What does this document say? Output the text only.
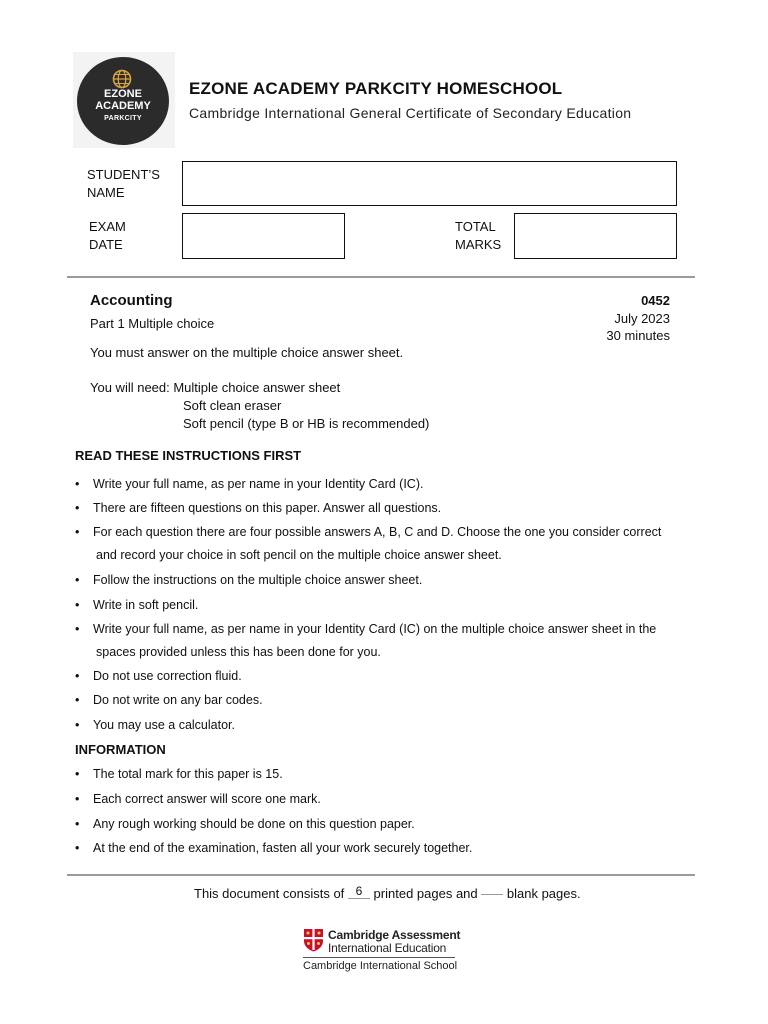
EZONE
ACADEMY
PARKCITY
EZONE ACADEMY PARKCITY HOMESCHOOL
Cambridge International General Certificate of Secondary Education
STUDENT’S
NAME
EXAM
DATE
TOTAL
MARKS
Accounting
Part 1 Multiple choice
0452
July 2023
30 minutes
You must answer on the multiple choice answer sheet.
You will need: Multiple choice answer sheet
Soft clean eraser
Soft pencil (type B or HB is recommended)
READ THESE INSTRUCTIONS FIRST
• Write your full name, as per name in your Identity Card (IC).
• There are fifteen questions on this paper. Answer all questions.
• For each question there are four possible answers A, B, C and D. Choose the one you consider correct
and record your choice in soft pencil on the multiple choice answer sheet.
• Follow the instructions on the multiple choice answer sheet.
• Write in soft pencil.
• Write your full name, as per name in your Identity Card (IC) on the multiple choice answer sheet in the
spaces provided unless this has been done for you.
• Do not use correction fluid.
• Do not write on any bar codes.
• You may use a calculator.
INFORMATION
• The total mark for this paper is 15.
• Each correct answer will score one mark.
• Any rough working should be done on this question paper.
• At the end of the examination, fasten all your work securely together.
This document consists of 6 printed pages and blank pages.
Cambridge Assessment
International Education
Cambridge International School
